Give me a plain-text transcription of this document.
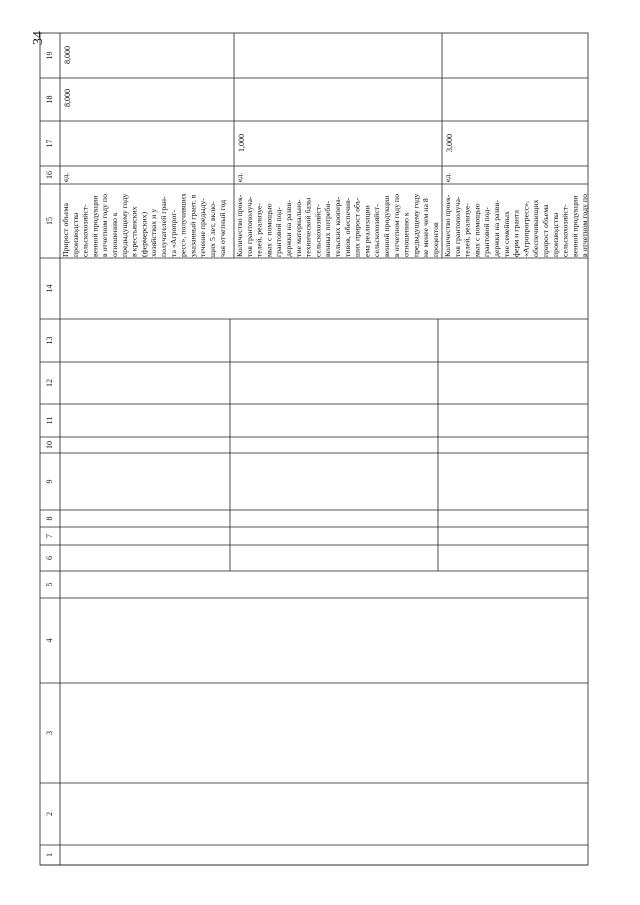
34
1
2
3
4
5
6
7
8
9
10
11
12
13
14
15
16
17
18
19
Прирост объема производства сельскохозяйст- венной продукции в отчетном году по отношению к предыдущему году в крестьянских (фермерских) хозяйствах и у получателей гран- та «Агропрог- ресс», получивших указанный грант, в течение предыду- щих 5 лет, вклю- чая отчетный год
ед.
8,000
8,000
Количество проек- тов грантополуча- телей, реализуе- мых с помощью грантовой под- держки на разви- тие материально- технической базы сельскохозяйст- венных потреби- тельских коопера- тивов, обеспечив- ших прирост объ- ема реализации сельскохозяйст- венной продукции в отчетном году по отношению к предыдущему году не менее чем на 8 процентов
ед.
1,000
Количество проек- тов грантополуча- телей, реализуе- мых с помощью грантовой под- держки на разви- тие семейных ферм и гранта «Агропрогресс», обеспечивающих прирост объема производства сельскохозяйст- венной продукции в отчетном году по
ед.
3,000
